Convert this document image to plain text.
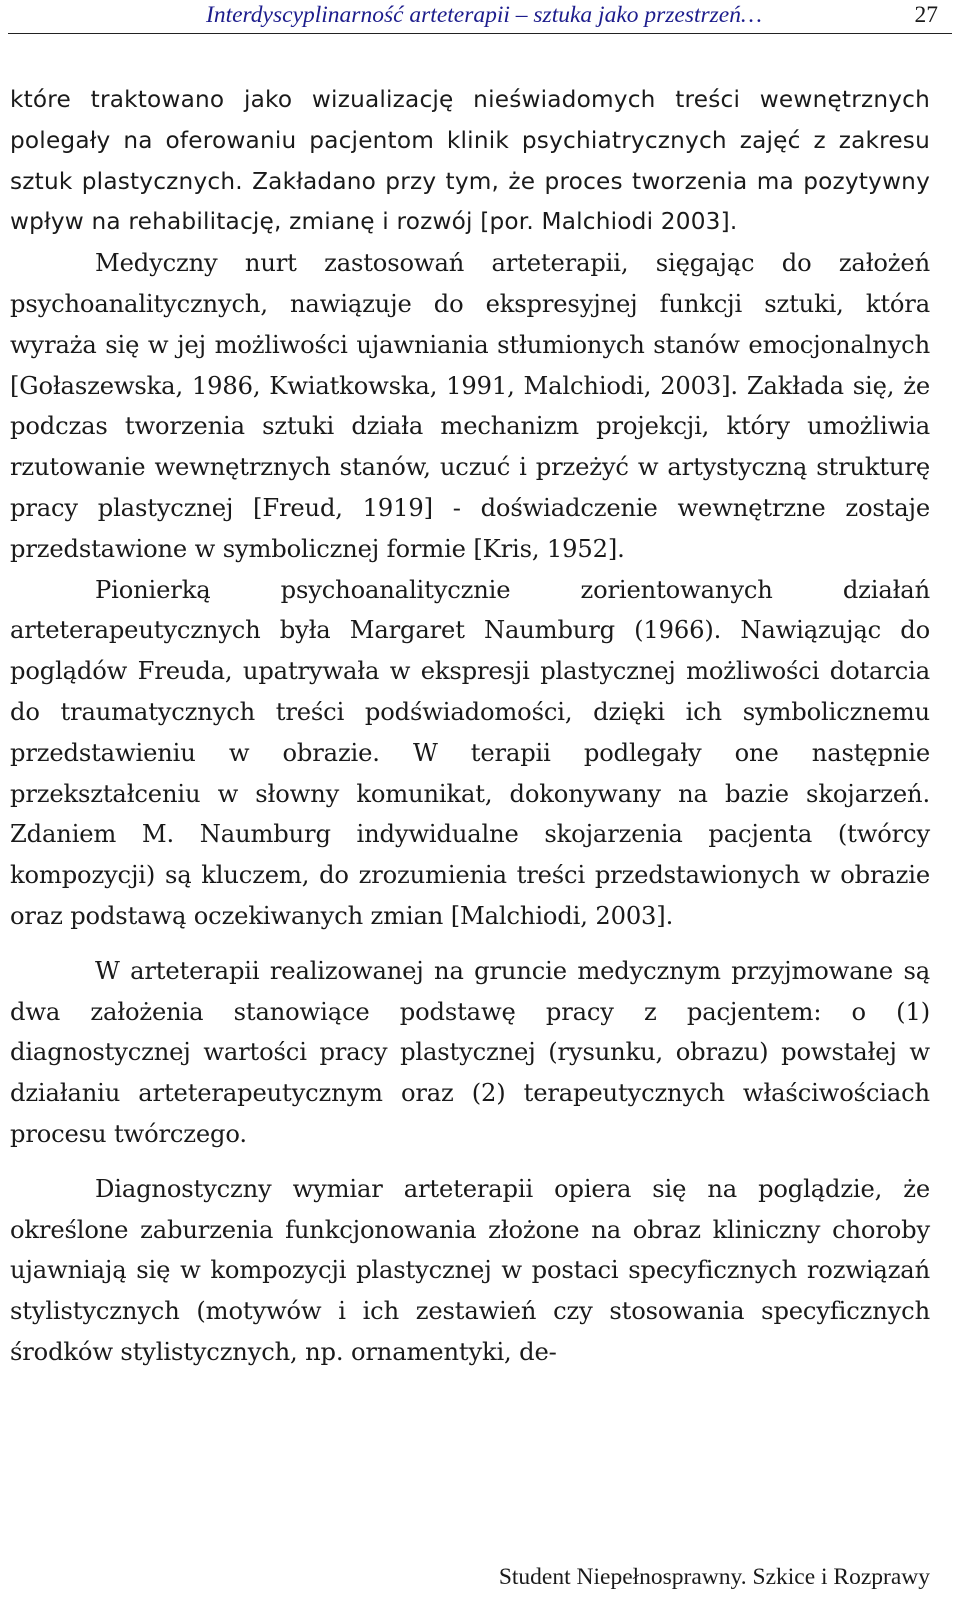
Interdyscyplinarność arteterapii – sztuka jako przestrzeń…	27

które traktowano jako wizualizację nieświadomych treści wewnętrznych polegały na oferowaniu pacjentom klinik psychiatrycznych zajęć z zakresu sztuk plastycznych. Zakładano przy tym, że proces tworzenia ma pozytywny wpływ na rehabilitację, zmianę i rozwój [por. Malchiodi 2003].

Medyczny nurt zastosowań arteterapii, sięgając do założeń psychoanalitycznych, nawiązuje do ekspresyjnej funkcji sztuki, która wyraża się w jej możliwości ujawniania stłumionych stanów emocjonalnych [Gołaszewska, 1986, Kwiatkowska, 1991, Malchiodi, 2003]. Zakłada się, że podczas tworzenia sztuki działa mechanizm projekcji, który umożliwia rzutowanie wewnętrznych stanów, uczuć i przeżyć w artystyczną strukturę pracy plastycznej [Freud, 1919] - doświadczenie wewnętrzne zostaje przedstawione w symbolicznej formie [Kris, 1952].

Pionierką psychoanalitycznie zorientowanych działań arteterapeutycznych była Margaret Naumburg (1966). Nawiązując do poglądów Freuda, upatrywała w ekspresji plastycznej możliwości dotarcia do traumatycznych treści podświadomości, dzięki ich symbolicznemu przedstawieniu w obrazie. W terapii podlegały one następnie przekształceniu w słowny komunikat, dokonywany na bazie skojarzeń. Zdaniem M. Naumburg indywidualne skojarzenia pacjenta (twórcy kompozycji) są kluczem, do zrozumienia treści przedstawionych w obrazie oraz podstawą oczekiwanych zmian [Malchiodi, 2003].

W arteterapii realizowanej na gruncie medycznym przyjmowane są dwa założenia stanowiące podstawę pracy z pacjentem: o (1) diagnostycznej wartości pracy plastycznej (rysunku, obrazu) powstałej w działaniu arteterapeutycznym oraz (2) terapeutycznych właściwościach procesu twórczego.

Diagnostyczny wymiar arteterapii opiera się na poglądzie, że określone zaburzenia funkcjonowania złożone na obraz kliniczny choroby ujawniają się w kompozycji plastycznej w postaci specyficznych rozwiązań stylistycznych (motywów i ich zestawień czy stosowania specyficznych środków stylistycznych, np. ornamentyki, de-

Student Niepełnosprawny. Szkice i Rozprawy
